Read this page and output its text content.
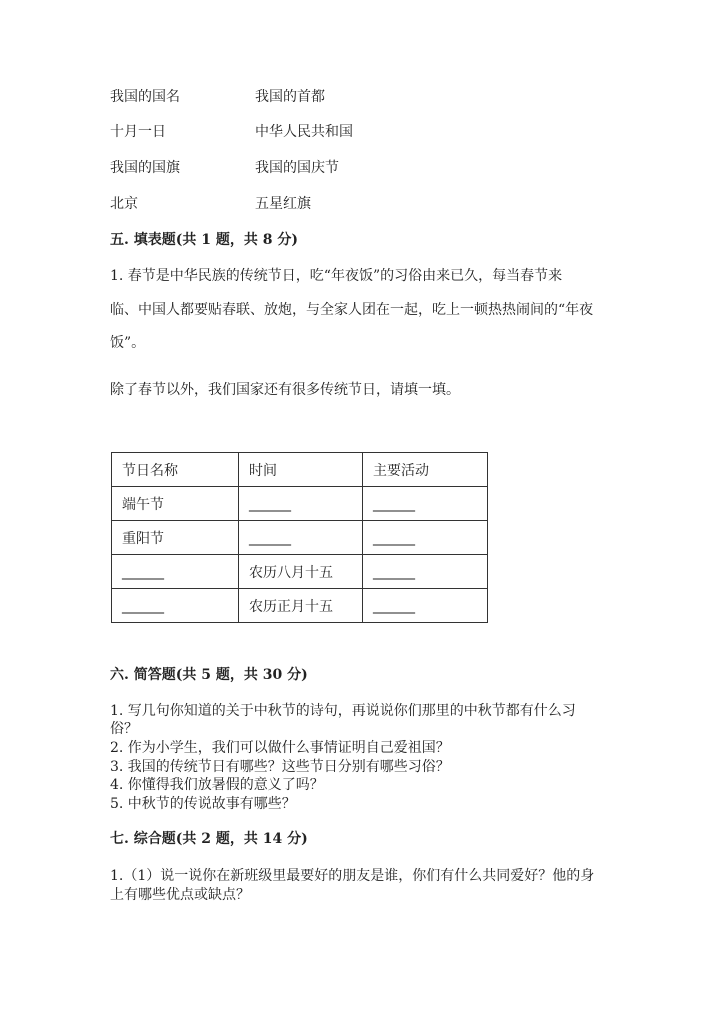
我国的国名	我国的首都
十月一日	中华人民共和国
我国的国旗	我国的国庆节
北京	五星红旗
五. 填表题(共 1 题，共 8 分)
1. 春节是中华民族的传统节日，吃“年夜饭”的习俗由来已久，每当春节来
临、中国人都要贴春联、放炮，与全家人团在一起，吃上一顿热热闹间的“年夜
饭”。
除了春节以外，我们国家还有很多传统节日，请填一填。
节日名称	时间	主要活动
端午节	______	______
重阳节	______	______
______	农历八月十五	______
______	农历正月十五	______
六. 简答题(共 5 题，共 30 分)
1. 写几句你知道的关于中秋节的诗句，再说说你们那里的中秋节都有什么习
俗？
2. 作为小学生，我们可以做什么事情证明自己爱祖国？
3. 我国的传统节日有哪些？这些节日分别有哪些习俗？
4. 你懂得我们放暑假的意义了吗？
5. 中秋节的传说故事有哪些？
七. 综合题(共 2 题，共 14 分)
1.（1）说一说你在新班级里最要好的朋友是谁，你们有什么共同爱好？他的身
上有哪些优点或缺点？
